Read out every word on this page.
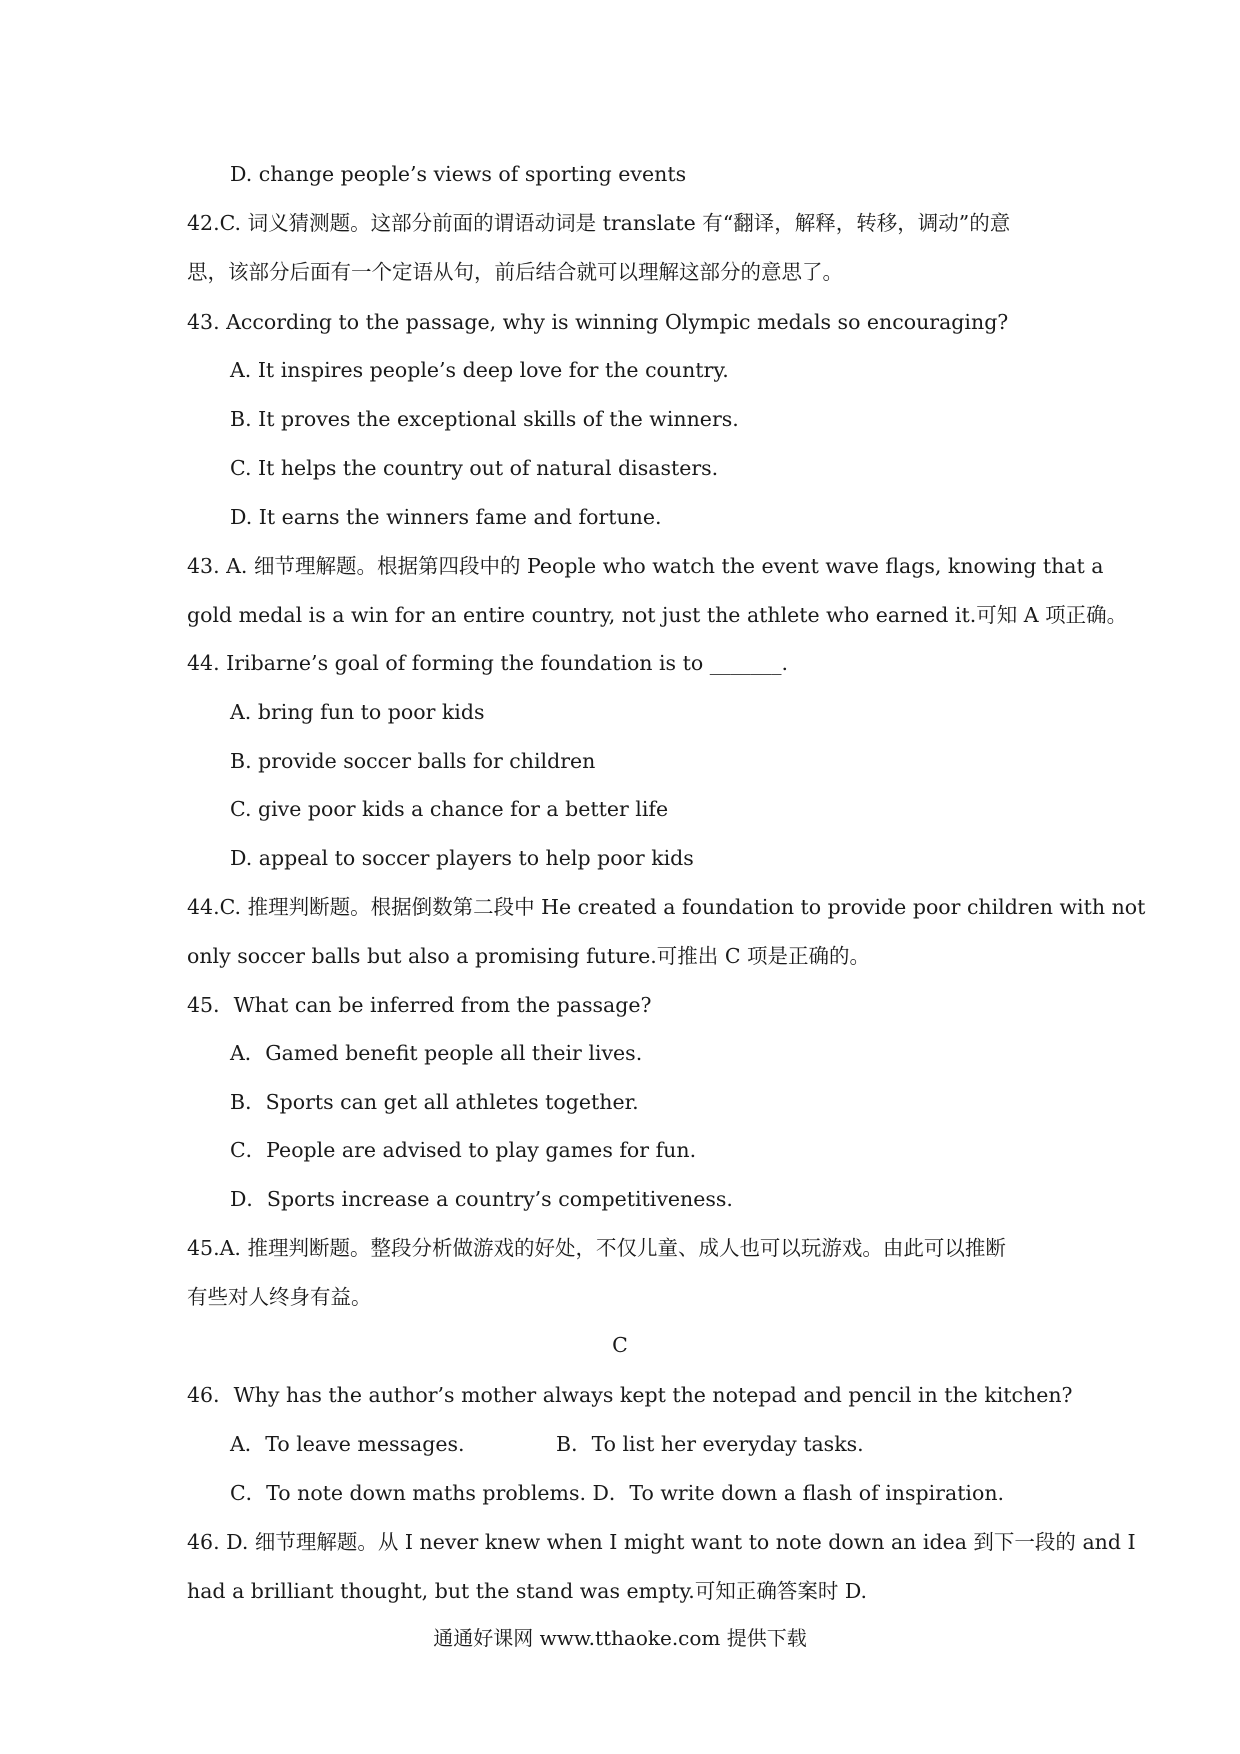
D. change people’s views of sporting events
42.C. 词义猜测题。这部分前面的谓语动词是 translate 有“翻译，解释，转移，调动”的意
思，该部分后面有一个定语从句，前后结合就可以理解这部分的意思了。
43. According to the passage, why is winning Olympic medals so encouraging?
A. It inspires people’s deep love for the country.
B. It proves the exceptional skills of the winners.
C. It helps the country out of natural disasters.
D. It earns the winners fame and fortune.
43. A. 细节理解题。根据第四段中的 People who watch the event wave flags, knowing that a
gold medal is a win for an entire country, not just the athlete who earned it.可知 A 项正确。
44. Iribarne’s goal of forming the foundation is to _______.
A. bring fun to poor kids
B. provide soccer balls for children
C. give poor kids a chance for a better life
D. appeal to soccer players to help poor kids
44.C. 推理判断题。根据倒数第二段中 He created a foundation to provide poor children with not
only soccer balls but also a promising future.可推出 C 项是正确的。
45．What can be inferred from the passage?
A．Gamed benefit people all their lives.
B．Sports can get all athletes together.
C．People are advised to play games for fun.
D．Sports increase a country’s competitiveness.
45.A. 推理判断题。整段分析做游戏的好处，不仅儿童、成人也可以玩游戏。由此可以推断
有些对人终身有益。
C
46．Why has the author’s mother always kept the notepad and pencil in the kitchen?
A．To leave messages.	B．To list her everyday tasks.
C．To note down maths problems. D．To write down a flash of inspiration.
46. D. 细节理解题。从 I never knew when I might want to note down an idea 到下一段的 and I
had a brilliant thought, but the stand was empty.可知正确答案时 D.
通通好课网 www.tthaoke.com 提供下载
